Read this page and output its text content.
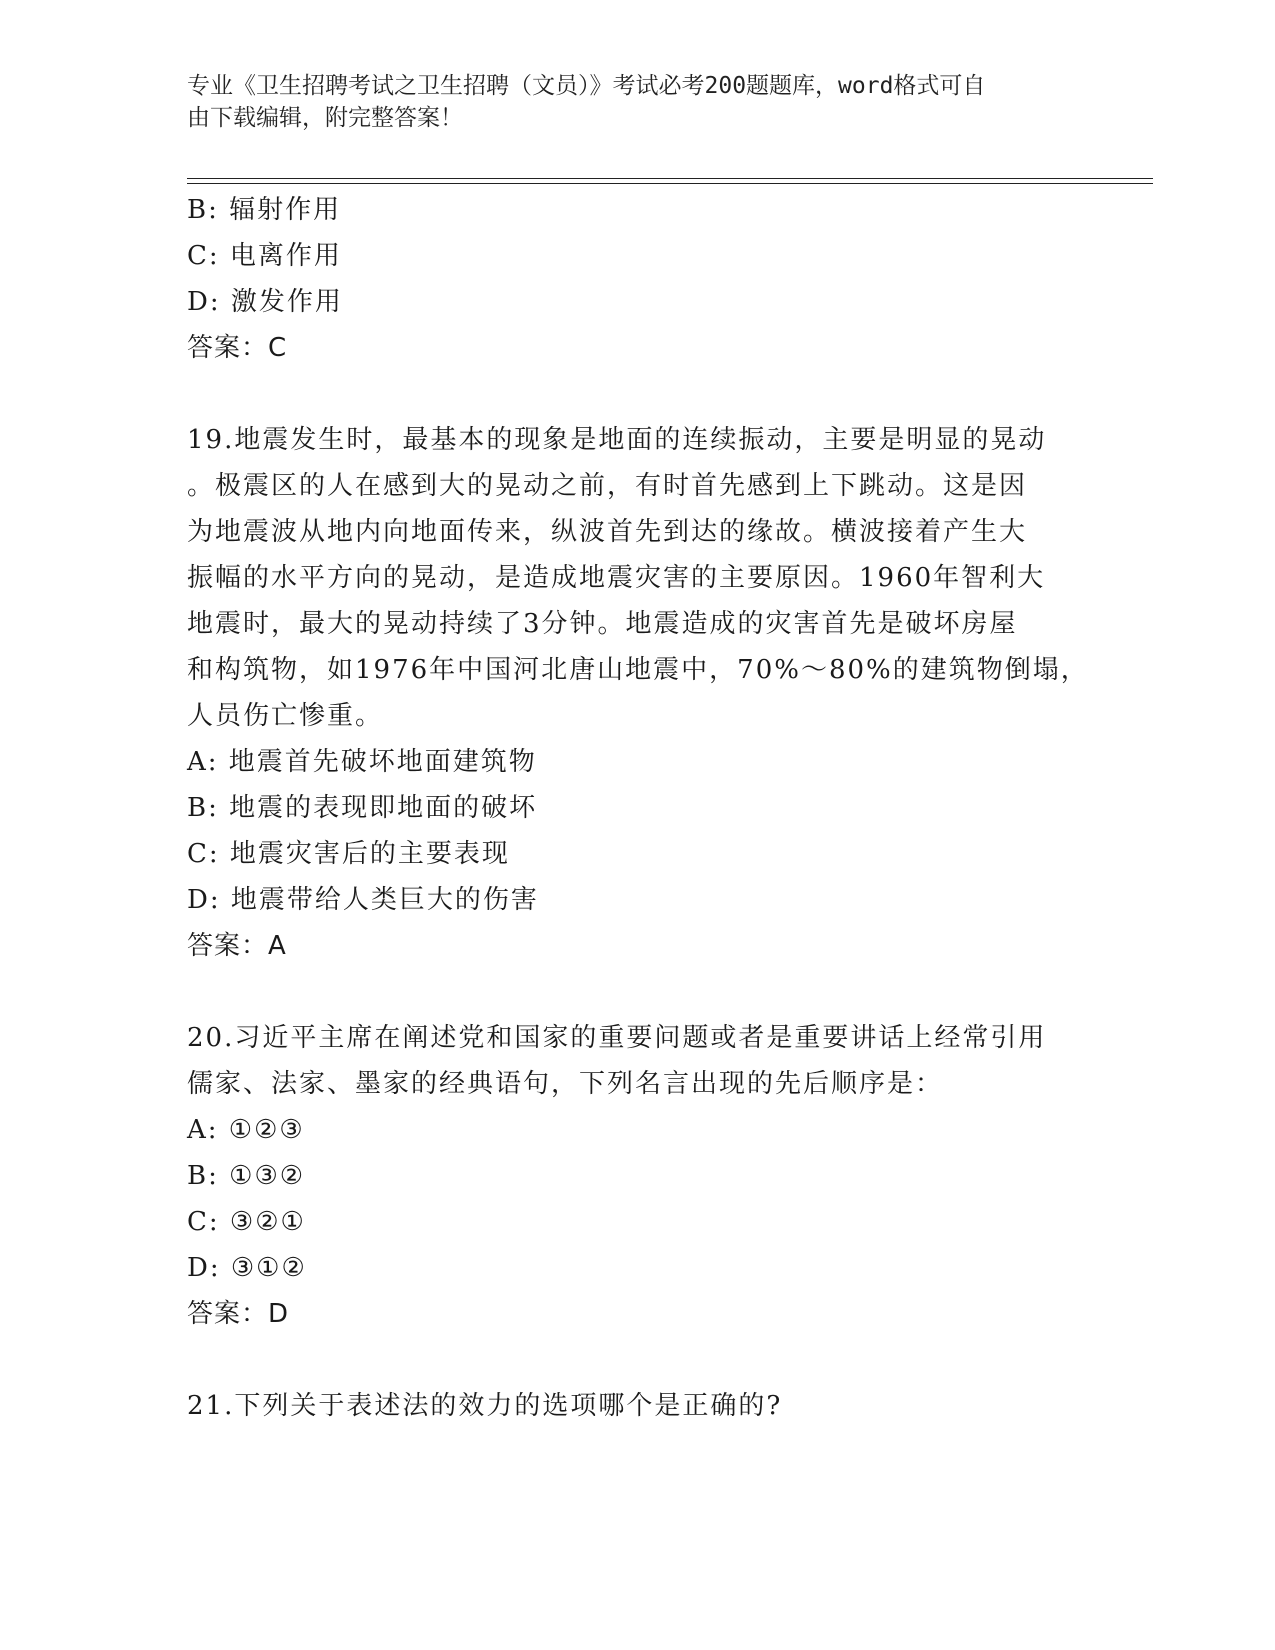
专业《卫生招聘考试之卫生招聘（文员）》考试必考200题题库，word格式可自
由下载编辑，附完整答案！
B: 辐射作用
C: 电离作用
D: 激发作用
答案：C
19.地震发生时，最基本的现象是地面的连续振动，主要是明显的晃动
。极震区的人在感到大的晃动之前，有时首先感到上下跳动。这是因
为地震波从地内向地面传来，纵波首先到达的缘故。横波接着产生大
振幅的水平方向的晃动，是造成地震灾害的主要原因。1960年智利大
地震时，最大的晃动持续了3分钟。地震造成的灾害首先是破坏房屋
和构筑物，如1976年中国河北唐山地震中，70%～80%的建筑物倒塌，
人员伤亡惨重。
A: 地震首先破坏地面建筑物
B: 地震的表现即地面的破坏
C: 地震灾害后的主要表现
D: 地震带给人类巨大的伤害
答案：A
20.习近平主席在阐述党和国家的重要问题或者是重要讲话上经常引用
儒家、法家、墨家的经典语句，下列名言出现的先后顺序是：
A: ①②③
B: ①③②
C: ③②①
D: ③①②
答案：D
21.下列关于表述法的效力的选项哪个是正确的?
